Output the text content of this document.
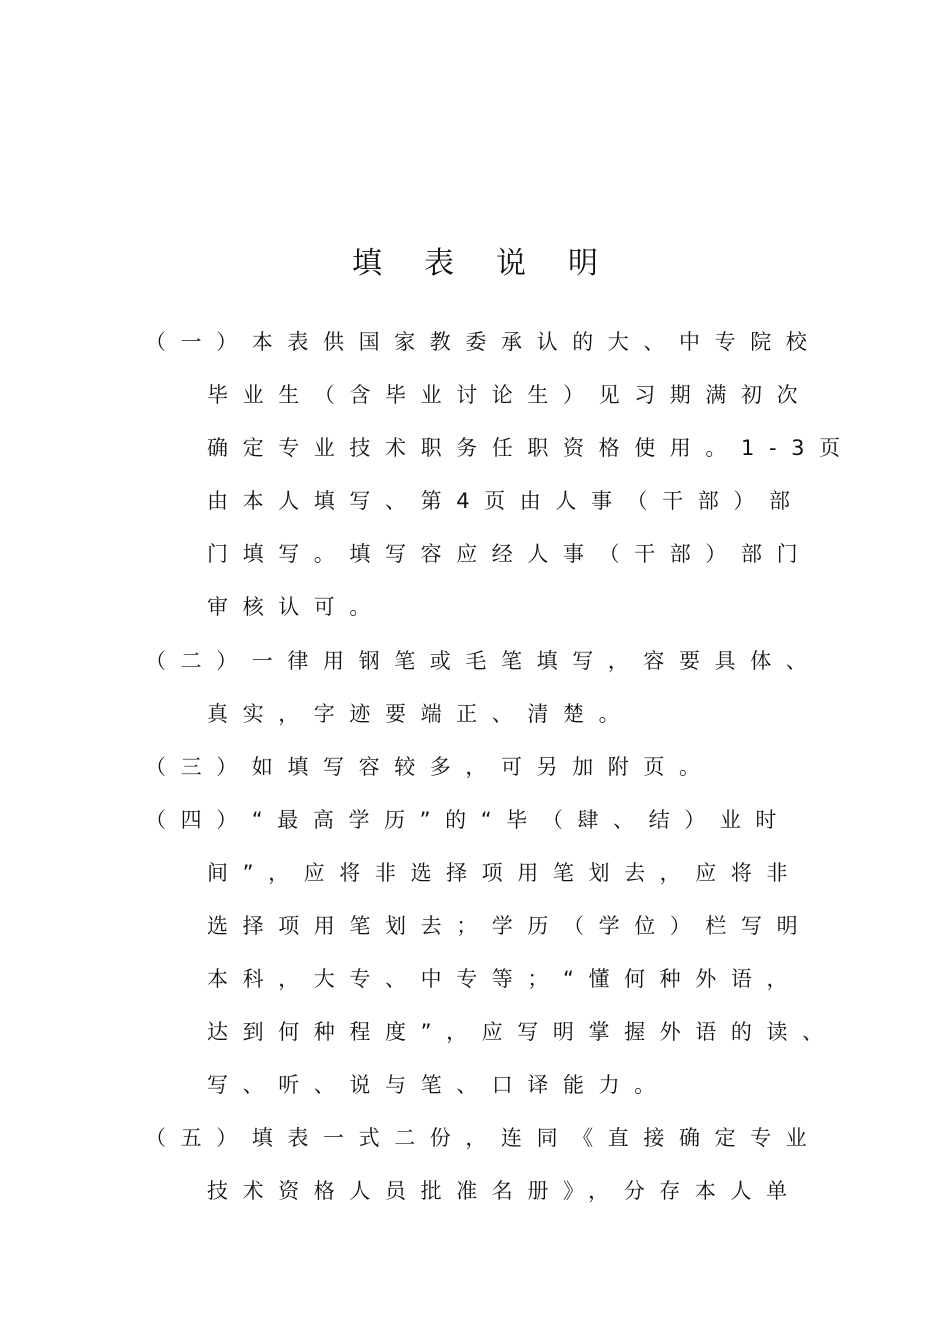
填表说明
（一）本表供国家教委承认的大、中专院校
毕业生（含毕业讨论生）见习期满初次
确定专业技术职务任职资格使用。1-3页
由本人填写、第4页由人事（干部）部
门填写。填写容应经人事（干部）部门
审核认可。
（二）一律用钢笔或毛笔填写，容要具体、
真实，字迹要端正、清楚。
（三）如填写容较多，可另加附页。
（四）“最高学历”的“毕（肆、结）业时
间”，应将非选择项用笔划去，应将非
选择项用笔划去；学历（学位）栏写明
本科，大专、中专等；“懂何种外语，
达到何种程度”，应写明掌握外语的读、
写、听、说与笔、口译能力。
（五）填表一式二份，连同《直接确定专业
技术资格人员批准名册》，分存本人单
